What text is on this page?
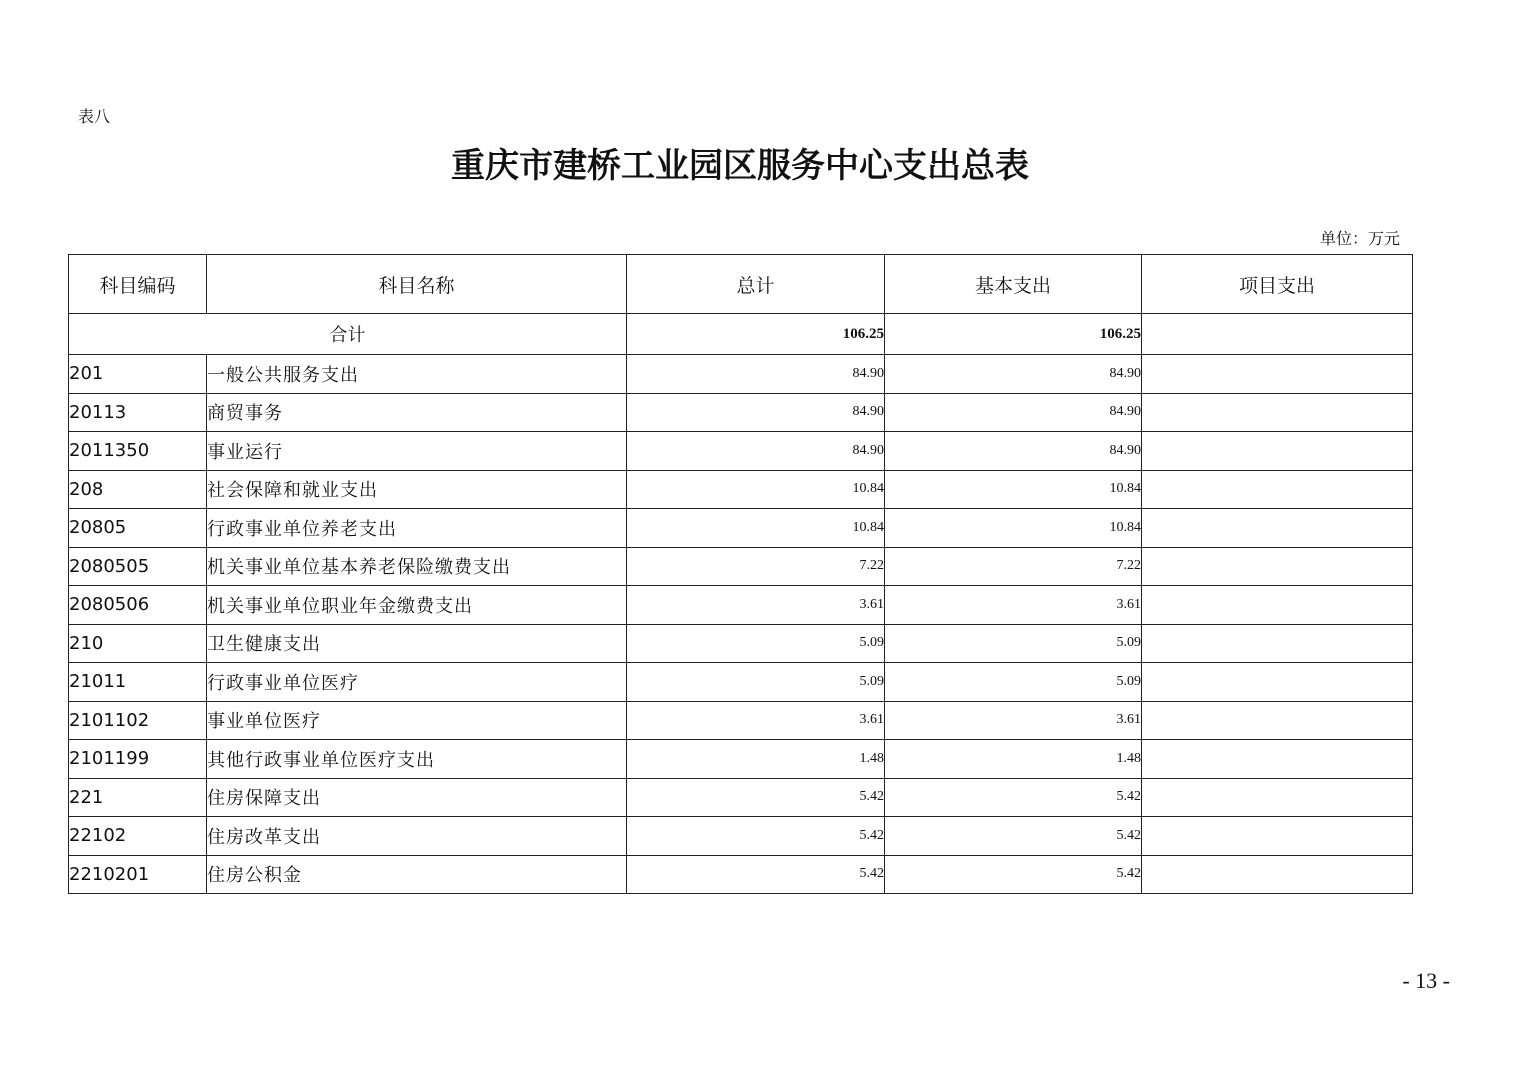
表八
重庆市建桥工业园区服务中心支出总表
单位：万元
科目编码	科目名称	总计	基本支出	项目支出
合计		106.25	106.25	
201	一般公共服务支出	84.90	84.90	
20113	商贸事务	84.90	84.90	
2011350	事业运行	84.90	84.90	
208	社会保障和就业支出	10.84	10.84	
20805	行政事业单位养老支出	10.84	10.84	
2080505	机关事业单位基本养老保险缴费支出	7.22	7.22	
2080506	机关事业单位职业年金缴费支出	3.61	3.61	
210	卫生健康支出	5.09	5.09	
21011	行政事业单位医疗	5.09	5.09	
2101102	事业单位医疗	3.61	3.61	
2101199	其他行政事业单位医疗支出	1.48	1.48	
221	住房保障支出	5.42	5.42	
22102	住房改革支出	5.42	5.42	
2210201	住房公积金	5.42	5.42	
- 13 -
